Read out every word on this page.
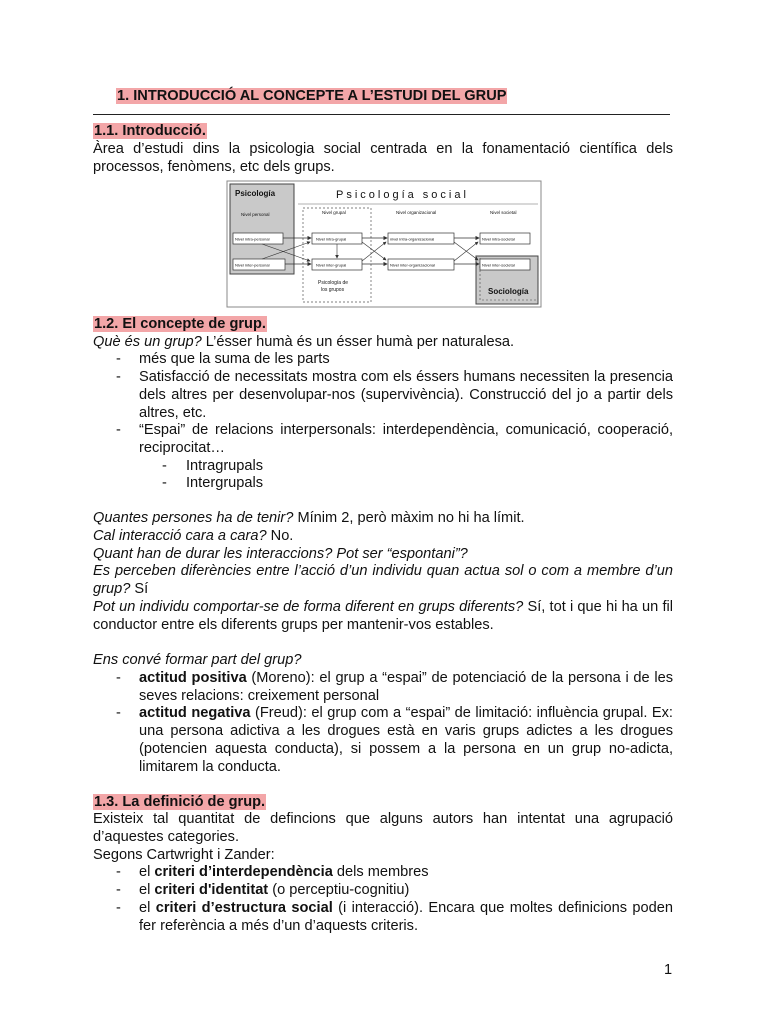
1. INTRODUCCIÓ AL CONCEPTE A L’ESTUDI DEL GRUP

1.1. Introducció.

Àrea d’estudi dins la psicologia social centrada en la fonamentació científica dels processos, fenòmens, etc dels grups.

Psicología
Nivel personal
Psicología social
Nivel grupal	Nivel organizacional	Nivel societal
Sociología
Nivel intra-personal	Nivel intra-grupal	nivel intra-organizacional	Nivel intra-societal
Nivel inter-personal	Nivel inter-grupal	Nivel inter-organizacional	Nivel inter-societal
Psicología de
los grupos

1.2. El concepte de grup.

Què és un grup? L’ésser humà és un ésser humà per naturalesa.

- més que la suma de les parts

- Satisfacció de necessitats mostra com els éssers humans necessiten la presencia dels altres per desenvolupar-nos (supervivència). Construcció del jo a partir dels altres, etc.

- “Espai” de relacions interpersonals: interdependència, comunicació, cooperació, reciprocitat…

- Intragrupals

- Intergrupals

Quantes persones ha de tenir? Mínim 2, però màxim no hi ha límit.

Cal interacció cara a cara? No.

Quant han de durar les interaccions? Pot ser “espontani”?

Es perceben diferències entre l’acció d’un individu quan actua sol o com a membre d’un grup? Sí

Pot un individu comportar-se de forma diferent en grups diferents? Sí, tot i que hi ha un fil conductor entre els diferents grups per mantenir-vos estables.

Ens convé formar part del grup?

- actitud positiva (Moreno): el grup a “espai” de potenciació de la persona i de les seves relacions: creixement personal

- actitud negativa (Freud): el grup com a “espai” de limitació: influència grupal. Ex: una persona adictiva a les drogues està en varis grups adictes a les drogues (potencien aquesta conducta), si possem a la persona en un grup no-adicta, limitarem la conducta.

1.3. La definició de grup.

Existeix tal quantitat de defincions que alguns autors han intentat una agrupació d’aquestes categories.

Segons Cartwright i Zander:

- el criteri d’interdependència dels membres

- el criteri d'identitat (o perceptiu-cognitiu)

- el criteri d’estructura social (i interacció). Encara que moltes definicions poden fer referència a més d’un d’aquests criteris.

1
